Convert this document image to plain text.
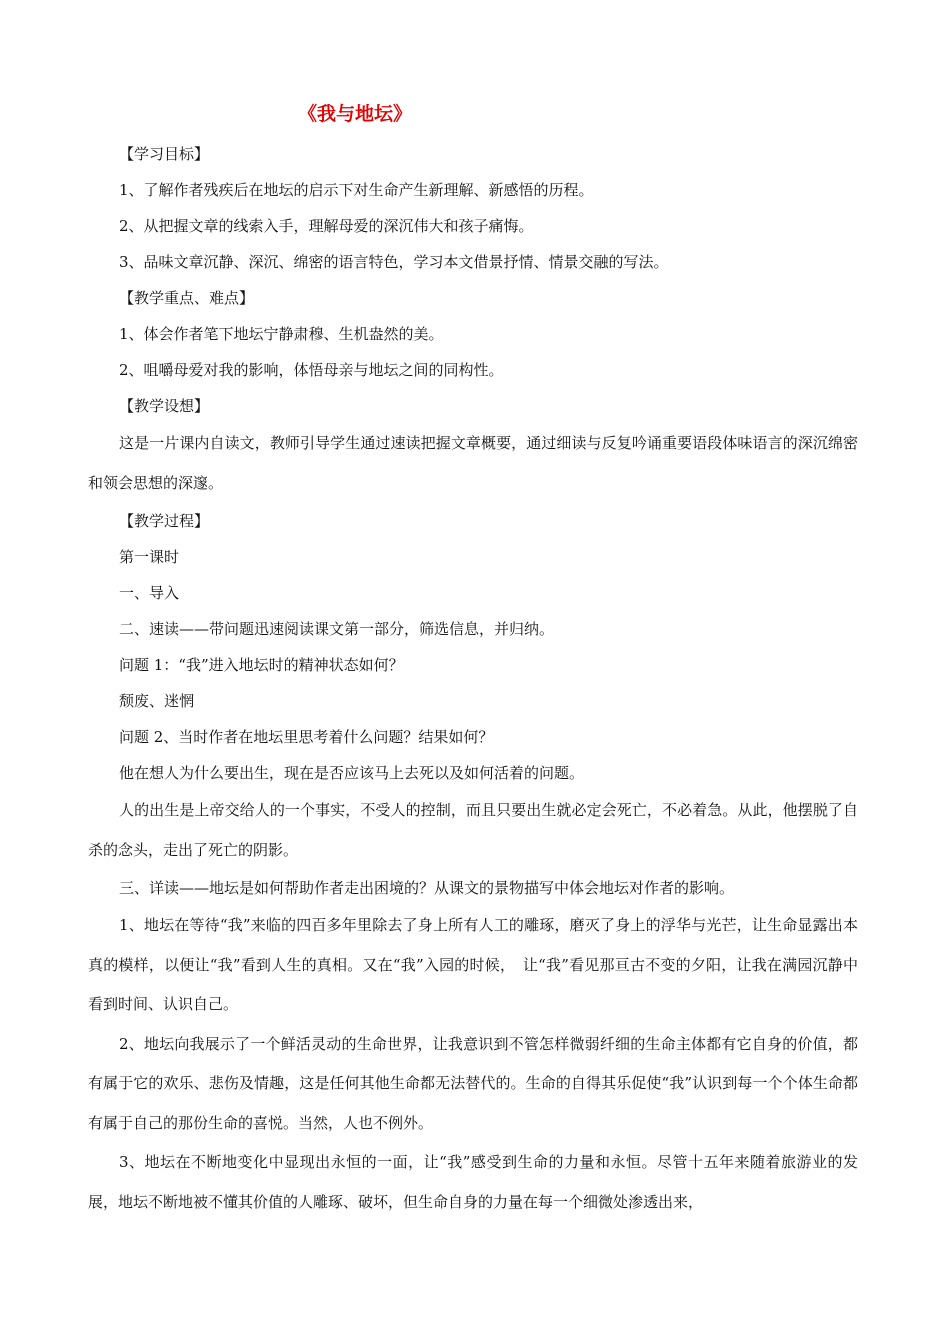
《我与地坛》
【学习目标】
1、了解作者残疾后在地坛的启示下对生命产生新理解、新感悟的历程。
2、从把握文章的线索入手，理解母爱的深沉伟大和孩子痛悔。
3、品味文章沉静、深沉、绵密的语言特色，学习本文借景抒情、情景交融的写法。
【教学重点、难点】
1、体会作者笔下地坛宁静肃穆、生机盎然的美。
2、咀嚼母爱对我的影响，体悟母亲与地坛之间的同构性。
【教学设想】

这是一片课内自读文，教师引导学生通过速读把握文章概要，通过细读与反复吟诵重要语段体味语言的深沉绵密和领会思想的深邃。

【教学过程】
第一课时
一、导入
二、速读——带问题迅速阅读课文第一部分，筛选信息，并归纳。
问题 1：“我”进入地坛时的精神状态如何？
颓废、迷惘
问题 2、当时作者在地坛里思考着什么问题？结果如何？
他在想人为什么要出生，现在是否应该马上去死以及如何活着的问题。

人的出生是上帝交给人的一个事实，不受人的控制，而且只要出生就必定会死亡，不必着急。从此，他摆脱了自杀的念头，走出了死亡的阴影。

三、详读——地坛是如何帮助作者走出困境的？从课文的景物描写中体会地坛对作者的影响。

1、地坛在等待“我”来临的四百多年里除去了身上所有人工的雕琢，磨灭了身上的浮华与光芒，让生命显露出本真的模样，以便让“我”看到人生的真相。又在“我”入园的时候，　让“我”看见那亘古不变的夕阳，让我在满园沉静中　看到时间、认识自己。

2、地坛向我展示了一个鲜活灵动的生命世界，让我意识到不管怎样微弱纤细的生命主体都有它自身的价值，都有属于它的欢乐、悲伤及情趣，这是任何其他生命都无法替代的。生命的自得其乐促使“我”认识到每一个个体生命都有属于自己的那份生命的喜悦。当然，人也不例外。

3、地坛在不断地变化中显现出永恒的一面，让“我”感受到生命的力量和永恒。尽管十五年来随着旅游业的发展，地坛不断地被不懂其价值的人雕琢、破坏，但生命自身的力量在每一个细微处渗透出来，
